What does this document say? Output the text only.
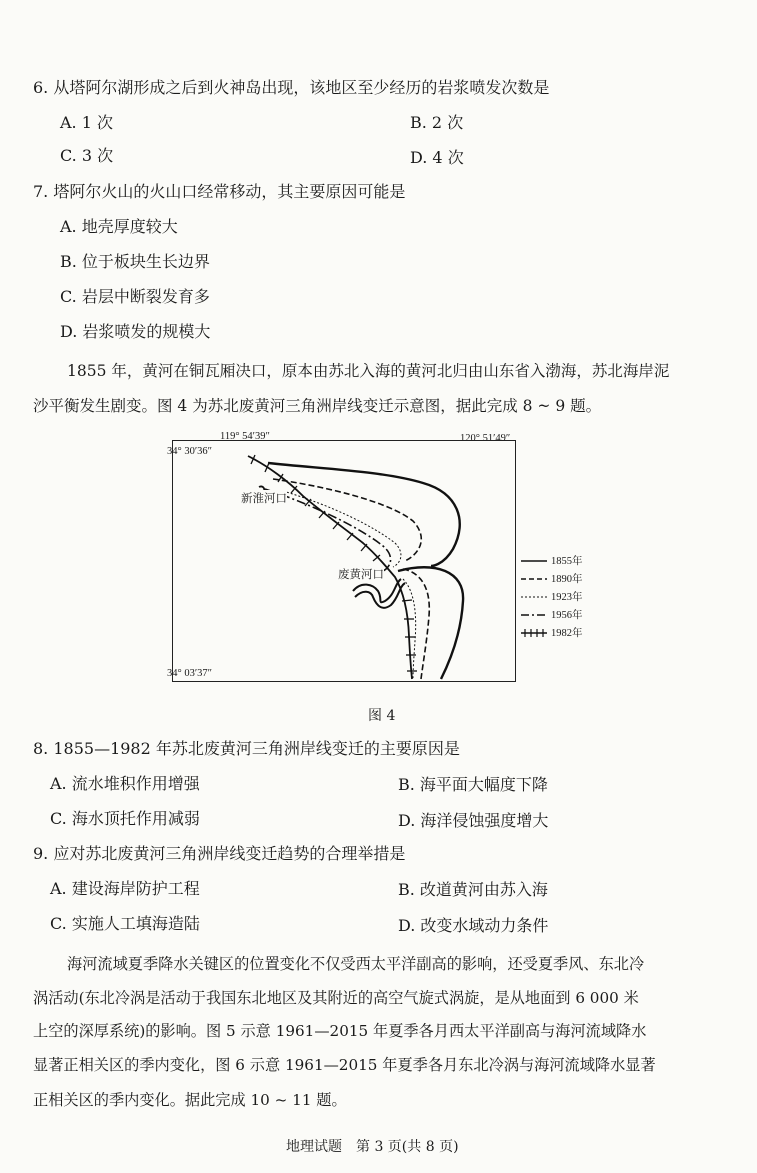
6. 从塔阿尔湖形成之后到火神岛出现，该地区至少经历的岩浆喷发次数是
A. 1 次	B. 2 次
C. 3 次	D. 4 次
7. 塔阿尔火山的火山口经常移动，其主要原因可能是
A. 地壳厚度较大
B. 位于板块生长边界
C. 岩层中断裂发育多
D. 岩浆喷发的规模大
1855 年，黄河在铜瓦厢决口，原本由苏北入海的黄河北归由山东省入渤海，苏北海岸泥
沙平衡发生剧变。图 4 为苏北废黄河三角洲岸线变迁示意图，据此完成 8 ~ 9 题。
119° 54′39″	120° 51′49″
34° 30′36″
34° 03′37″
新淮河口
废黄河口
1855年
1890年
1923年
1956年
1982年
图 4
8. 1855—1982 年苏北废黄河三角洲岸线变迁的主要原因是
A. 流水堆积作用增强	B. 海平面大幅度下降
C. 海水顶托作用减弱	D. 海洋侵蚀强度增大
9. 应对苏北废黄河三角洲岸线变迁趋势的合理举措是
A. 建设海岸防护工程	B. 改道黄河由苏入海
C. 实施人工填海造陆	D. 改变水域动力条件
海河流域夏季降水关键区的位置变化不仅受西太平洋副高的影响，还受夏季风、东北冷
涡活动(东北冷涡是活动于我国东北地区及其附近的高空气旋式涡旋，是从地面到 6 000 米
上空的深厚系统)的影响。图 5 示意 1961—2015 年夏季各月西太平洋副高与海河流域降水
显著正相关区的季内变化，图 6 示意 1961—2015 年夏季各月东北冷涡与海河流域降水显著
正相关区的季内变化。据此完成 10 ~ 11 题。
地理试题　第 3 页(共 8 页)
